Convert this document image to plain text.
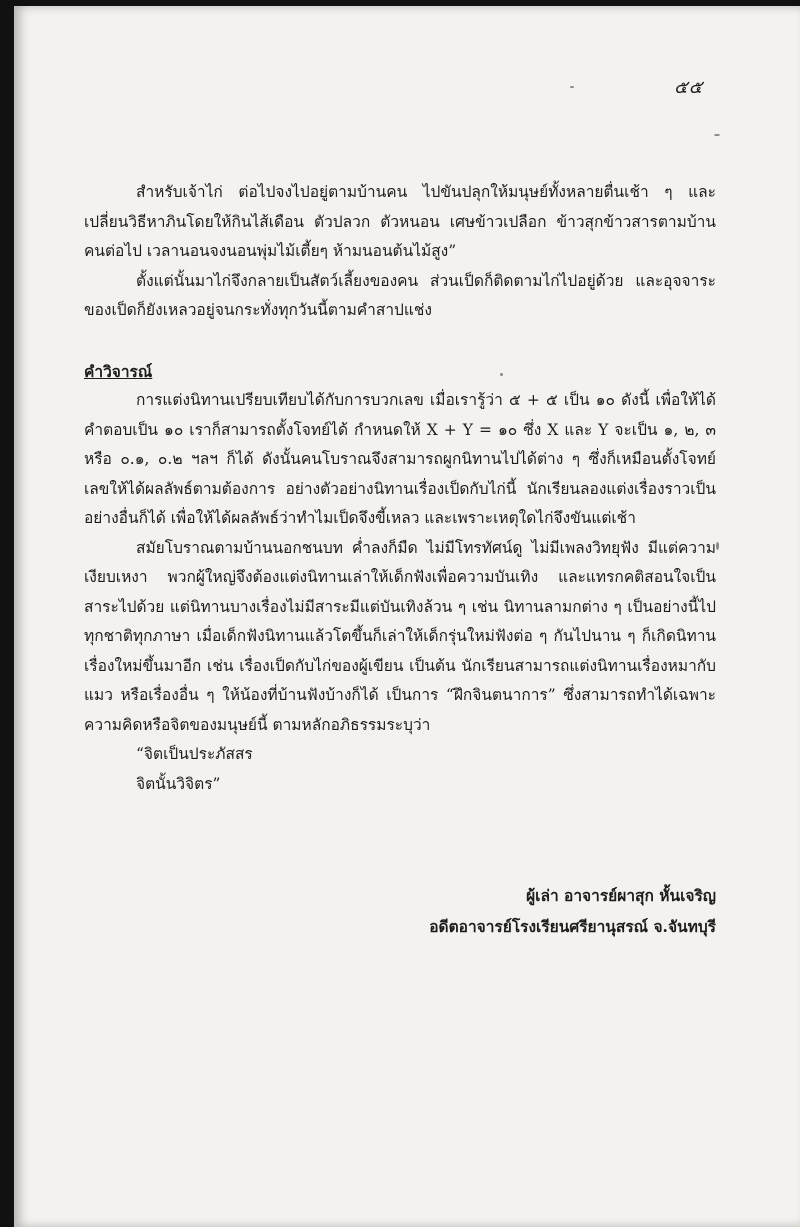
๕๕

สำหรับเจ้าไก่ ต่อไปจงไปอยู่ตามบ้านคน ไปขันปลุกให้มนุษย์ทั้งหลายตื่นเช้า ๆ และเปลี่ยนวิธีหาภินโดยให้กินไส้เดือน ตัวปลวก ตัวหนอน เศษข้าวเปลือก ข้าวสุกข้าวสารตามบ้านคนต่อไป เวลานอนจงนอนพุ่มไม้เตี้ยๆ ห้ามนอนต้นไม้สูง”

ตั้งแต่นั้นมาไก่จึงกลายเป็นสัตว์เลี้ยงของคน ส่วนเป็ดก็ติดตามไก่ไปอยู่ด้วย และอุจจาระของเป็ดก็ยังเหลวอยู่จนกระทั่งทุกวันนี้ตามคำสาปแช่ง

คำวิจารณ์

การแต่งนิทานเปรียบเทียบได้กับการบวกเลข เมื่อเรารู้ว่า ๕ + ๕ เป็น ๑๐ ดังนี้ เพื่อให้ได้คำตอบเป็น ๑๐ เราก็สามารถตั้งโจทย์ได้ กำหนดให้ X + Y = ๑๐ ซึ่ง X และ Y จะเป็น ๑, ๒, ๓ หรือ ๐.๑, ๐.๒ ฯลฯ ก็ได้ ดังนั้นคนโบราณจึงสามารถผูกนิทานไปได้ต่าง ๆ ซึ่งก็เหมือนตั้งโจทย์เลขให้ได้ผลลัพธ์ตามต้องการ อย่างตัวอย่างนิทานเรื่องเป็ดกับไก่นี้ นักเรียนลองแต่งเรื่องราวเป็นอย่างอื่นก็ได้ เพื่อให้ได้ผลลัพธ์ว่าทำไมเป็ดจึงขี้เหลว และเพราะเหตุใดไก่จึงขันแต่เช้า

สมัยโบราณตามบ้านนอกชนบท ค่ำลงก็มืด ไม่มีโทรทัศน์ดู ไม่มีเพลงวิทยุฟัง มีแต่ความเงียบเหงา พวกผู้ใหญ่จึงต้องแต่งนิทานเล่าให้เด็กฟังเพื่อความบันเทิง และแทรกคติสอนใจเป็นสาระไปด้วย แต่นิทานบางเรื่องไม่มีสาระมีแต่บันเทิงล้วน ๆ เช่น นิทานลามกต่าง ๆ เป็นอย่างนี้ไปทุกชาติทุกภาษา เมื่อเด็กฟังนิทานแล้วโตขึ้นก็เล่าให้เด็กรุ่นใหม่ฟังต่อ ๆ กันไปนาน ๆ ก็เกิดนิทานเรื่องใหม่ขึ้นมาอีก เช่น เรื่องเป็ดกับไก่ของผู้เขียน เป็นต้น นักเรียนสามารถแต่งนิทานเรื่องหมากับแมว หรือเรื่องอื่น ๆ ให้น้องที่บ้านฟังบ้างก็ได้ เป็นการ “ฝึกจินตนาการ” ซึ่งสามารถทำได้เฉพาะความคิดหรือจิตของมนุษย์นี้ ตามหลักอภิธรรมระบุว่า

“จิตเป็นประภัสสร

จิตนั้นวิจิตร”

ผู้เล่า อาจารย์ผาสุก หั้นเจริญ
อดีตอาจารย์โรงเรียนศรียานุสรณ์ จ.จันทบุรี
